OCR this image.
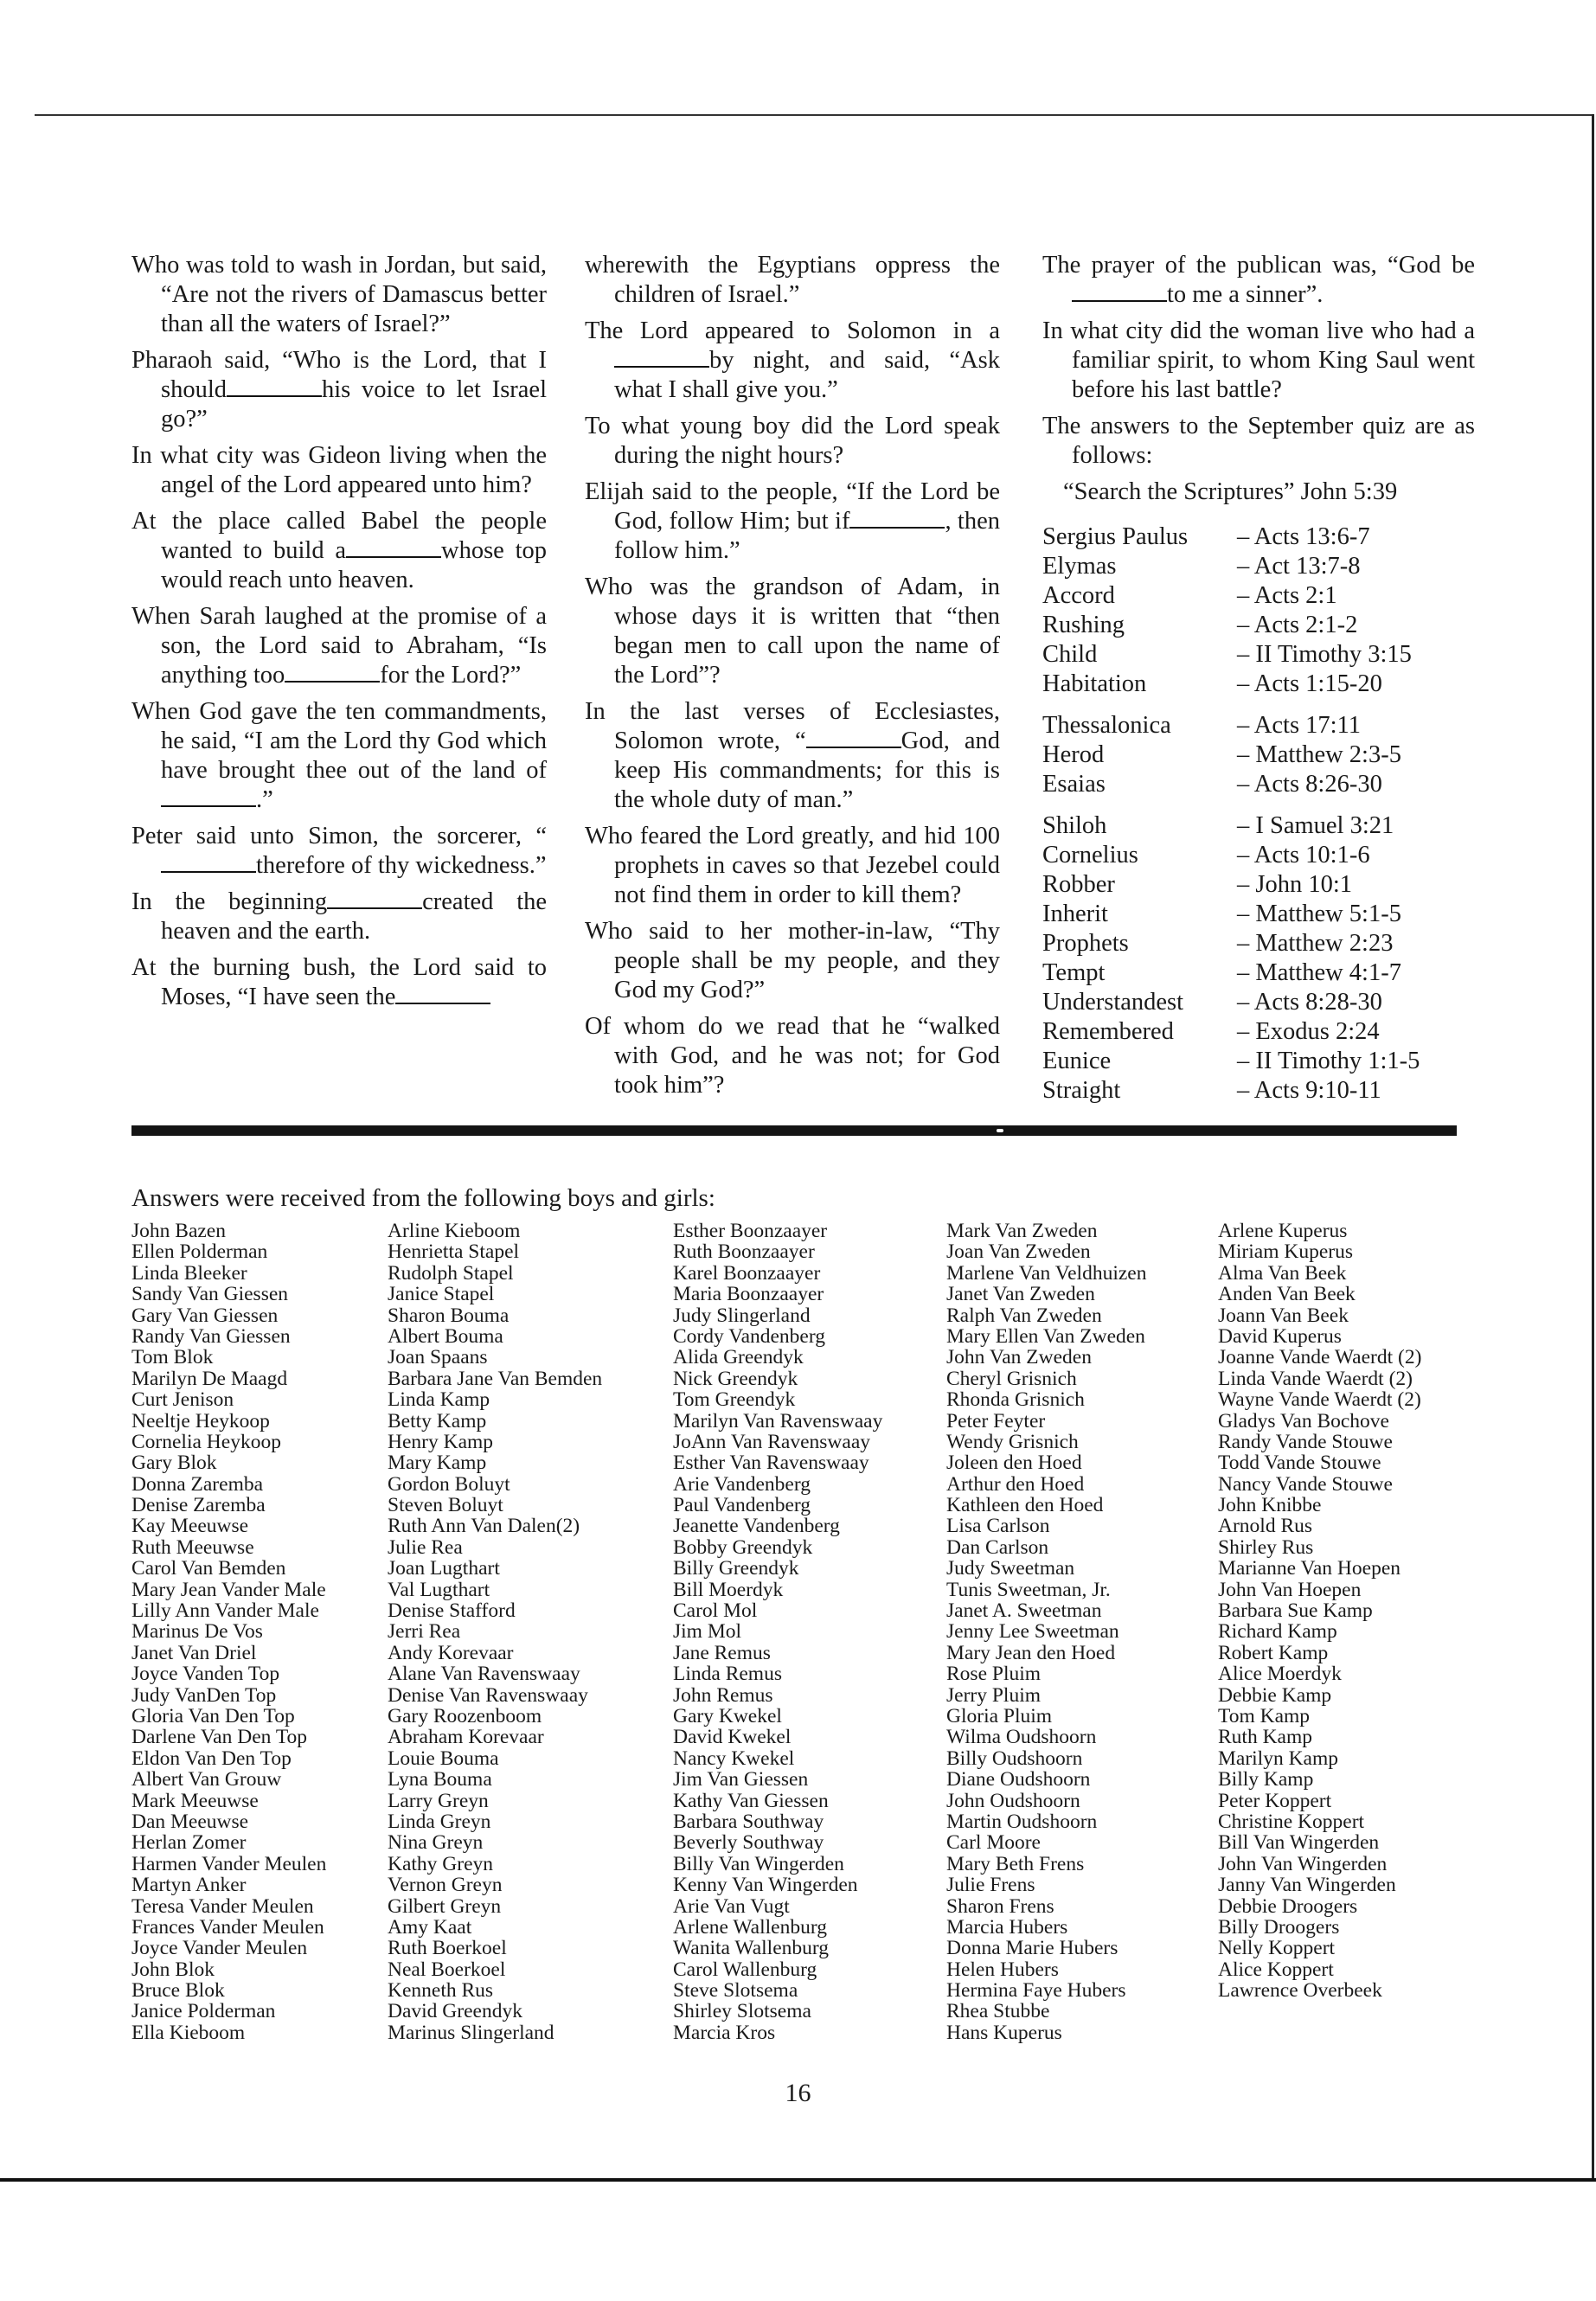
Who was told to wash in Jordan, but said, “Are not the rivers of Damascus better than all the waters of Israel?”

Pharaoh said, “Who is the Lord, that I should	his voice to let Israel go?”

In what city was Gideon living when the angel of the Lord appeared unto him?

At the place called Babel the people wanted to build a	whose top would reach unto heaven.

When Sarah laughed at the promise of a son, the Lord said to Abraham, “Is anything too	for the Lord?”

When God gave the ten commandments, he said, “I am the Lord thy God which have brought thee out of the land of.”

Peter said unto Simon, the sorcerer, “therefore of thy wickedness.”

In the beginning	created the heaven and the earth.

At the burning bush, the Lord said to Moses, “I have seen the

wherewith the Egyptians oppress the children of Israel.”

The Lord appeared to Solomon in aby night, and said, “Ask what I shall give you.”

To what young boy did the Lord speak during the night hours?

Elijah said to the people, “If the Lord be God, follow Him; but if	, then follow him.”

Who was the grandson of Adam, in whose days it is written that “then began men to call upon the name of the Lord”?

In the last verses of Ecclesiastes, Solomon wrote, “	God, and keep His commandments; for this is the whole duty of man.”

Who feared the Lord greatly, and hid 100 prophets in caves so that Jezebel could not find them in order to kill them?

Who said to her mother-in-law, “Thy people shall be my people, and they God my God?”

Of whom do we read that he “walked with God, and he was not; for God took him”?

The prayer of the publican was, “God beto me a sinner”.

In what city did the woman live who had a familiar spirit, to whom King Saul went before his last battle?

The answers to the September quiz are as follows:

“Search the Scriptures” John 5:39
Sergius Paulus	– Acts 13:6-7
Elymas	– Act 13:7-8
Accord	– Acts 2:1
Rushing	– Acts 2:1-2
Child	– II Timothy 3:15
Habitation	– Acts 1:15-20

Thessalonica	– Acts 17:11
Herod	– Matthew 2:3-5
Esaias	– Acts 8:26-30

Shiloh	– I Samuel 3:21
Cornelius	– Acts 10:1-6
Robber	– John 10:1
Inherit	– Matthew 5:1-5
Prophets	– Matthew 2:23
Tempt	– Matthew 4:1-7
Understandest	– Acts 8:28-30
Remembered	– Exodus 2:24
Eunice	– II Timothy 1:1-5
Straight	– Acts 9:10-11
Answers were received from the following boys and girls:
John Bazen
Ellen Polderman
Linda Bleeker
Sandy Van Giessen
Gary Van Giessen
Randy Van Giessen
Tom Blok
Marilyn De Maagd
Curt Jenison
Neeltje Heykoop
Cornelia Heykoop
Gary Blok
Donna Zaremba
Denise Zaremba
Kay Meeuwse
Ruth Meeuwse
Carol Van Bemden
Mary Jean Vander Male
Lilly Ann Vander Male
Marinus De Vos
Janet Van Driel
Joyce Vanden Top
Judy VanDen Top
Gloria Van Den Top
Darlene Van Den Top
Eldon Van Den Top
Albert Van Grouw
Mark Meeuwse
Dan Meeuwse
Herlan Zomer
Harmen Vander Meulen
Martyn Anker
Teresa Vander Meulen
Frances Vander Meulen
Joyce Vander Meulen
John Blok
Bruce Blok
Janice Polderman
Ella Kieboom
Arline Kieboom
Henrietta Stapel
Rudolph Stapel
Janice Stapel
Sharon Bouma
Albert Bouma
Joan Spaans
Barbara Jane Van Bemden
Linda Kamp
Betty Kamp
Henry Kamp
Mary Kamp
Gordon Boluyt
Steven Boluyt
Ruth Ann Van Dalen(2)
Julie Rea
Joan Lugthart
Val Lugthart
Denise Stafford
Jerri Rea
Andy Korevaar
Alane Van Ravenswaay
Denise Van Ravenswaay
Gary Roozenboom
Abraham Korevaar
Louie Bouma
Lyna Bouma
Larry Greyn
Linda Greyn
Nina Greyn
Kathy Greyn
Vernon Greyn
Gilbert Greyn
Amy Kaat
Ruth Boerkoel
Neal Boerkoel
Kenneth Rus
David Greendyk
Marinus Slingerland
Esther Boonzaayer
Ruth Boonzaayer
Karel Boonzaayer
Maria Boonzaayer
Judy Slingerland
Cordy Vandenberg
Alida Greendyk
Nick Greendyk
Tom Greendyk
Marilyn Van Ravenswaay
JoAnn Van Ravenswaay
Esther Van Ravenswaay
Arie Vandenberg
Paul Vandenberg
Jeanette Vandenberg
Bobby Greendyk
Billy Greendyk
Bill Moerdyk
Carol Mol
Jim Mol
Jane Remus
Linda Remus
John Remus
Gary Kwekel
David Kwekel
Nancy Kwekel
Jim Van Giessen
Kathy Van Giessen
Barbara Southway
Beverly Southway
Billy Van Wingerden
Kenny Van Wingerden
Arie Van Vugt
Arlene Wallenburg
Wanita Wallenburg
Carol Wallenburg
Steve Slotsema
Shirley Slotsema
Marcia Kros
Mark Van Zweden
Joan Van Zweden
Marlene Van Veldhuizen
Janet Van Zweden
Ralph Van Zweden
Mary Ellen Van Zweden
John Van Zweden
Cheryl Grisnich
Rhonda Grisnich
Peter Feyter
Wendy Grisnich
Joleen den Hoed
Arthur den Hoed
Kathleen den Hoed
Lisa Carlson
Dan Carlson
Judy Sweetman
Tunis Sweetman, Jr.
Janet A. Sweetman
Jenny Lee Sweetman
Mary Jean den Hoed
Rose Pluim
Jerry Pluim
Gloria Pluim
Wilma Oudshoorn
Billy Oudshoorn
Diane Oudshoorn
John Oudshoorn
Martin Oudshoorn
Carl Moore
Mary Beth Frens
Julie Frens
Sharon Frens
Marcia Hubers
Donna Marie Hubers
Helen Hubers
Hermina Faye Hubers
Rhea Stubbe
Hans Kuperus
Arlene Kuperus
Miriam Kuperus
Alma Van Beek
Anden Van Beek
Joann Van Beek
David Kuperus
Joanne Vande Waerdt (2)
Linda Vande Waerdt (2)
Wayne Vande Waerdt (2)
Gladys Van Bochove
Randy Vande Stouwe
Todd Vande Stouwe
Nancy Vande Stouwe
John Knibbe
Arnold Rus
Shirley Rus
Marianne Van Hoepen
John Van Hoepen
Barbara Sue Kamp
Richard Kamp
Robert Kamp
Alice Moerdyk
Debbie Kamp
Tom Kamp
Ruth Kamp
Marilyn Kamp
Billy Kamp
Peter Koppert
Christine Koppert
Bill Van Wingerden
John Van Wingerden
Janny Van Wingerden
Debbie Droogers
Billy Droogers
Nelly Koppert
Alice Koppert
Lawrence Overbeek
16
